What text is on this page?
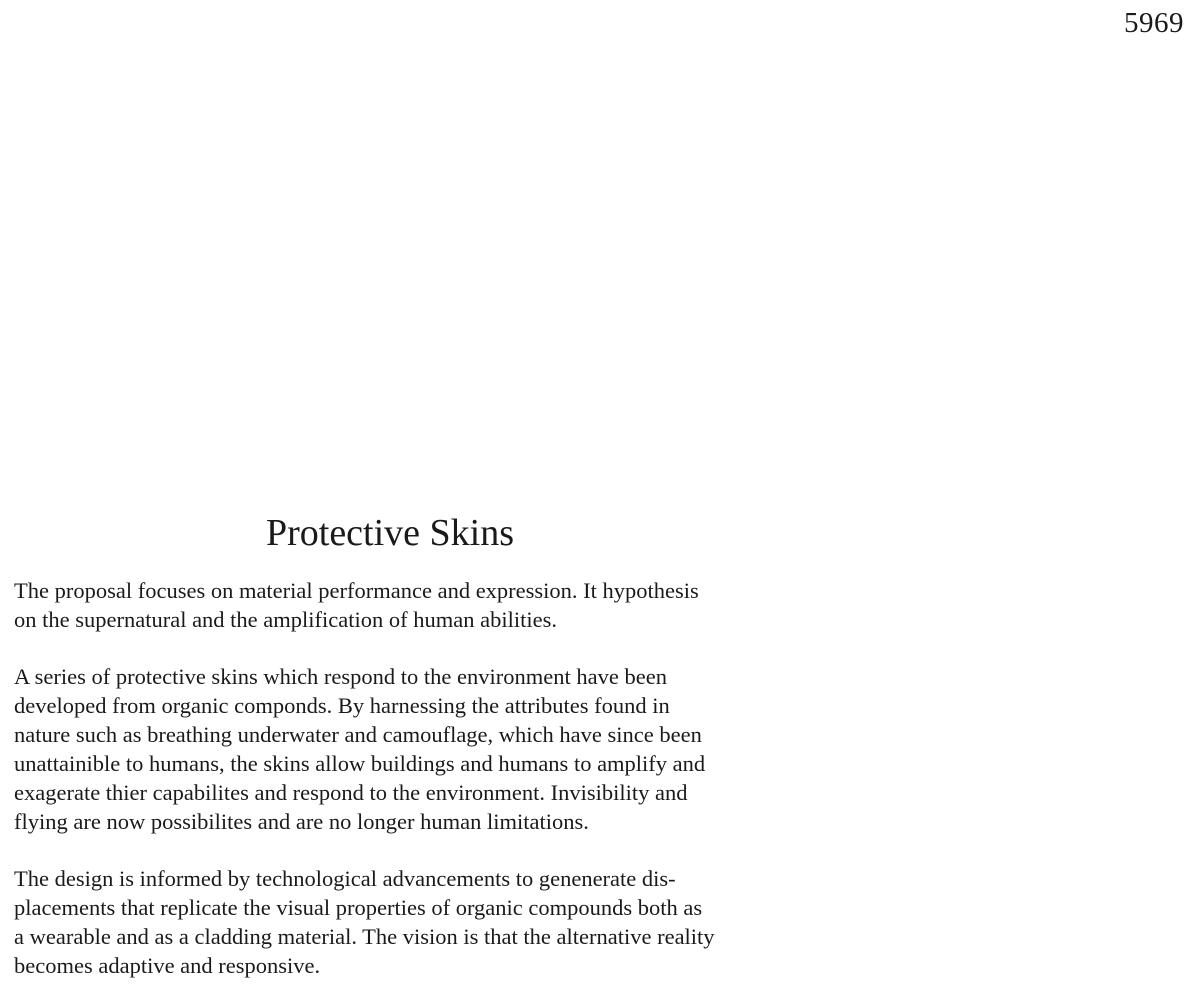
5969
Protective Skins

The proposal focuses on material performance and expression. It hypothesis
on the supernatural and the amplification of human abilities.

A series of protective skins which respond to the environment have been
developed from organic componds. By harnessing the attributes found in
nature such as breathing underwater and camouflage, which have since been
unattainible to humans, the skins allow buildings and humans to amplify and
exagerate thier capabilites and respond to the environment. Invisibility and
flying are now possibilites and are no longer human limitations.

The design is informed by technological advancements to genenerate dis-
placements that replicate the visual properties of organic compounds both as
a wearable and as a cladding material. The vision is that the alternative reality
becomes adaptive and responsive.
